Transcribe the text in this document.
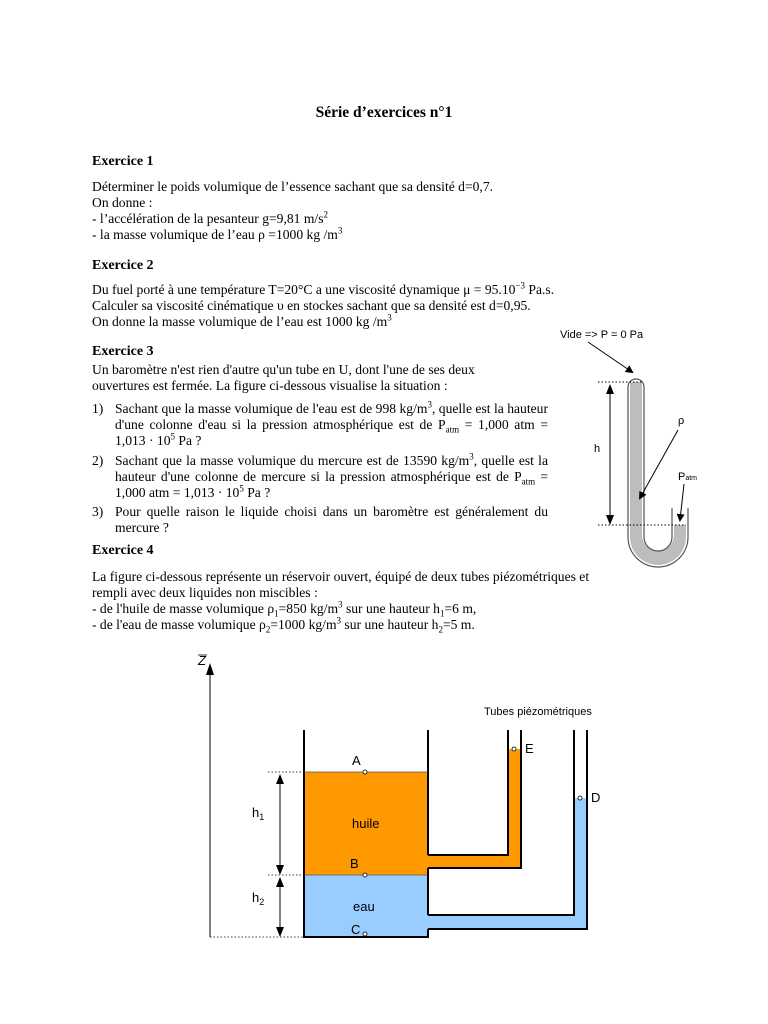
Série d’exercices n°1
Exercice 1
Déterminer le poids volumique de l’essence sachant que sa densité d=0,7.
On donne :
- l’accélération de la pesanteur g=9,81 $m/s^2$
- la masse volumique de l’eau ρ =1000 kg $/m^3$
Exercice 2
Du fuel porté à une température T=20°C a une viscosité dynamique $\mu = 95.10^{-3}$ Pa.s.
Calculer sa viscosité cinématique υ en stockes sachant que sa densité est d=0,95.
On donne la masse volumique de l’eau est 1000 kg $/m^3$
Exercice 3
Un baromètre n'est rien d'autre qu'un tube en U, dont l'une de ses deux
ouvertures est fermée. La figure ci-dessous visualise la situation :
1) Sachant que la masse volumique de l'eau est de 998 $kg/m^3$, quelle est la hauteur d'une colonne d'eau si la pression atmosphérique est de $P_{atm} = 1,000$ atm = $1,013 \cdot 10^5$ Pa ?
2) Sachant que la masse volumique du mercure est de 13590 $kg/m^3$, quelle est la hauteur d'une colonne de mercure si la pression atmosphérique est de $P_{atm} = 1,000$ atm = $1,013 \cdot 10^5$ Pa ?
3) Pour quelle raison le liquide choisi dans un baromètre est généralement du mercure ?
Vide => P = 0 Pa
h
ρ
Patm
Exercice 4
La figure ci-dessous représente un réservoir ouvert, équipé de deux tubes piézométriques et
rempli avec deux liquides non miscibles :
- de l'huile de masse volumique $\rho_1=850$ $kg/m^3$ sur une hauteur $h_1=6$ m,
- de l'eau de masse volumique $\rho_2=1000$ $kg/m^3$ sur une hauteur $h_2=5$ m.
Z
Tubes piézométriques
$h_1$
$h_2$
A
B
C
E
D
huile
eau
